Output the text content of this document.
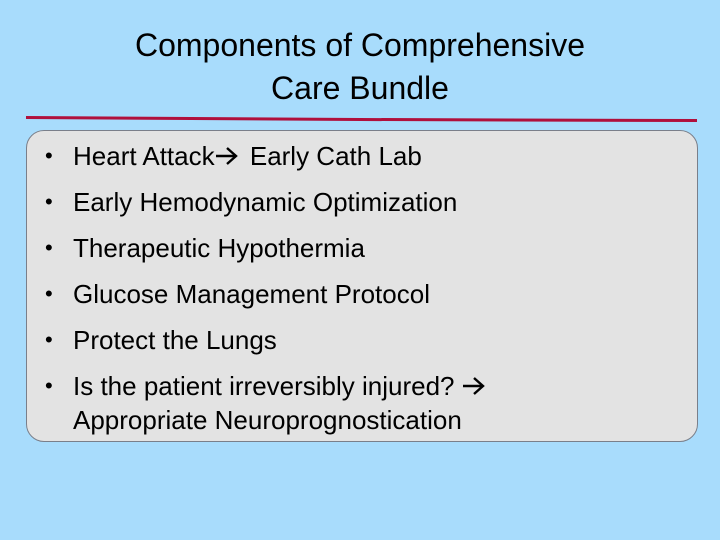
Components of Comprehensive
Care Bundle
• Heart Attack
Early Cath Lab
• Early Hemodynamic Optimization
• Therapeutic Hypothermia
• Glucose Management Protocol
• Protect the Lungs
• Is the patient irreversibly injured?
Appropriate Neuroprognostication
